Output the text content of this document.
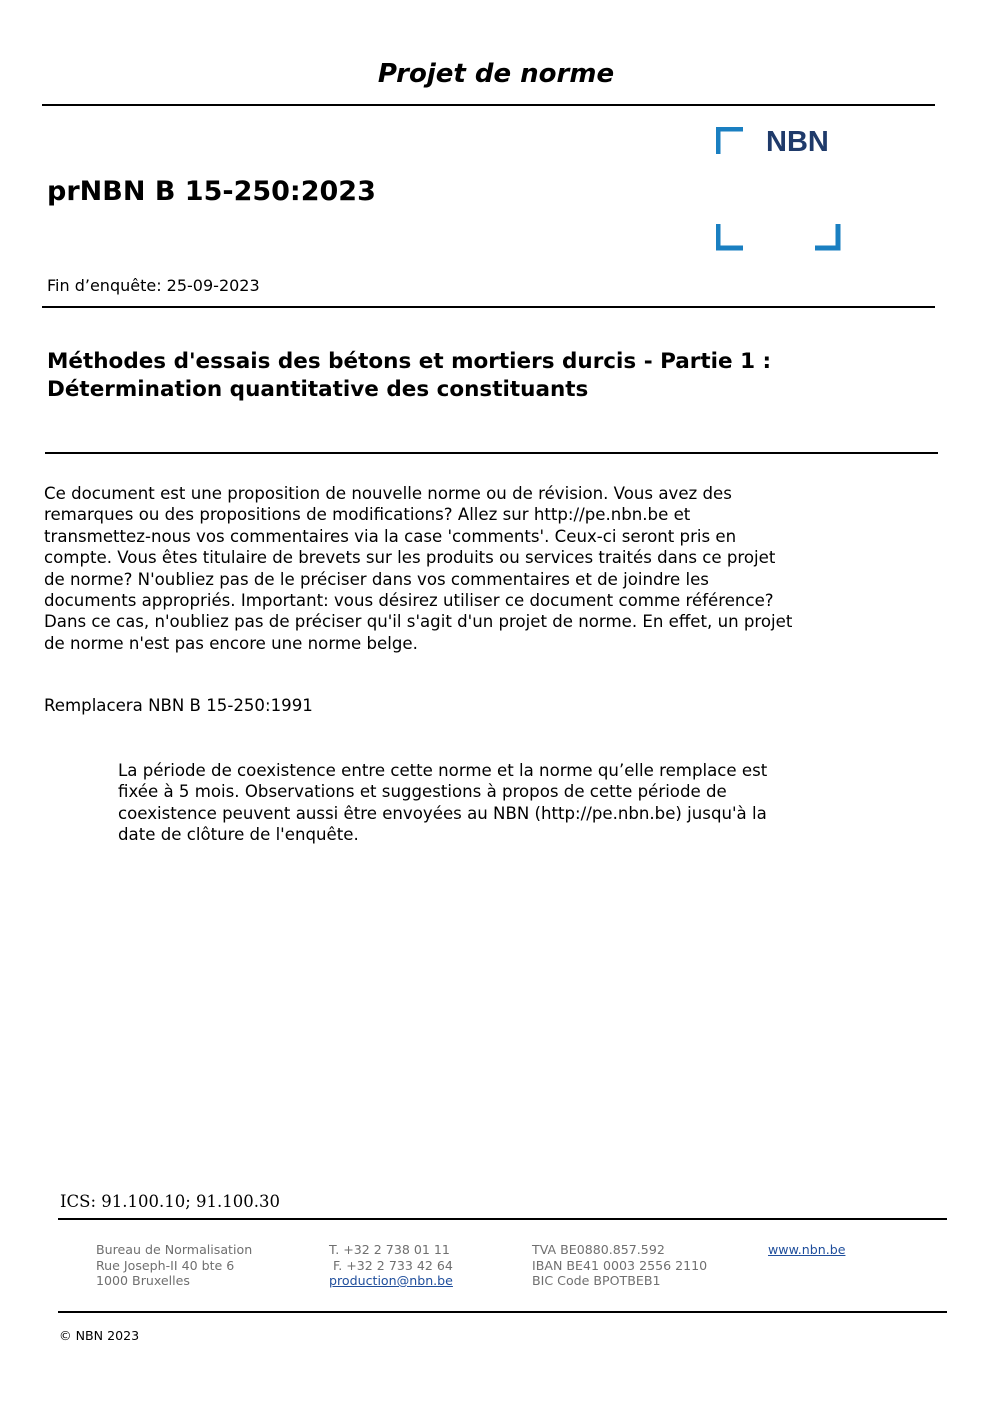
Projet de norme
prNBN B 15-250:2023
NBN
Fin d’enquête: 25-09-2023
Méthodes d'essais des bétons et mortiers durcis - Partie 1 :
Détermination quantitative des constituants
Ce document est une proposition de nouvelle norme ou de révision. Vous avez des
remarques ou des propositions de modifications? Allez sur http://pe.nbn.be et
transmettez-nous vos commentaires via la case 'comments'. Ceux-ci seront pris en
compte. Vous êtes titulaire de brevets sur les produits ou services traités dans ce projet
de norme? N'oubliez pas de le préciser dans vos commentaires et de joindre les
documents appropriés. Important: vous désirez utiliser ce document comme référence?
Dans ce cas, n'oubliez pas de préciser qu'il s'agit d'un projet de norme. En effet, un projet
de norme n'est pas encore une norme belge.
Remplacera NBN B 15-250:1991
La période de coexistence entre cette norme et la norme qu’elle remplace est
fixée à 5 mois. Observations et suggestions à propos de cette période de
coexistence peuvent aussi être envoyées au NBN (http://pe.nbn.be) jusqu'à la
date de clôture de l'enquête.
ICS: 91.100.10; 91.100.30
Bureau de Normalisation
Rue Joseph-II 40 bte 6
1000 Bruxelles
T. +32 2 738 01 11
F. +32 2 733 42 64
production@nbn.be
TVA BE0880.857.592
IBAN BE41 0003 2556 2110
BIC Code BPOTBEB1
www.nbn.be
© NBN 2023
